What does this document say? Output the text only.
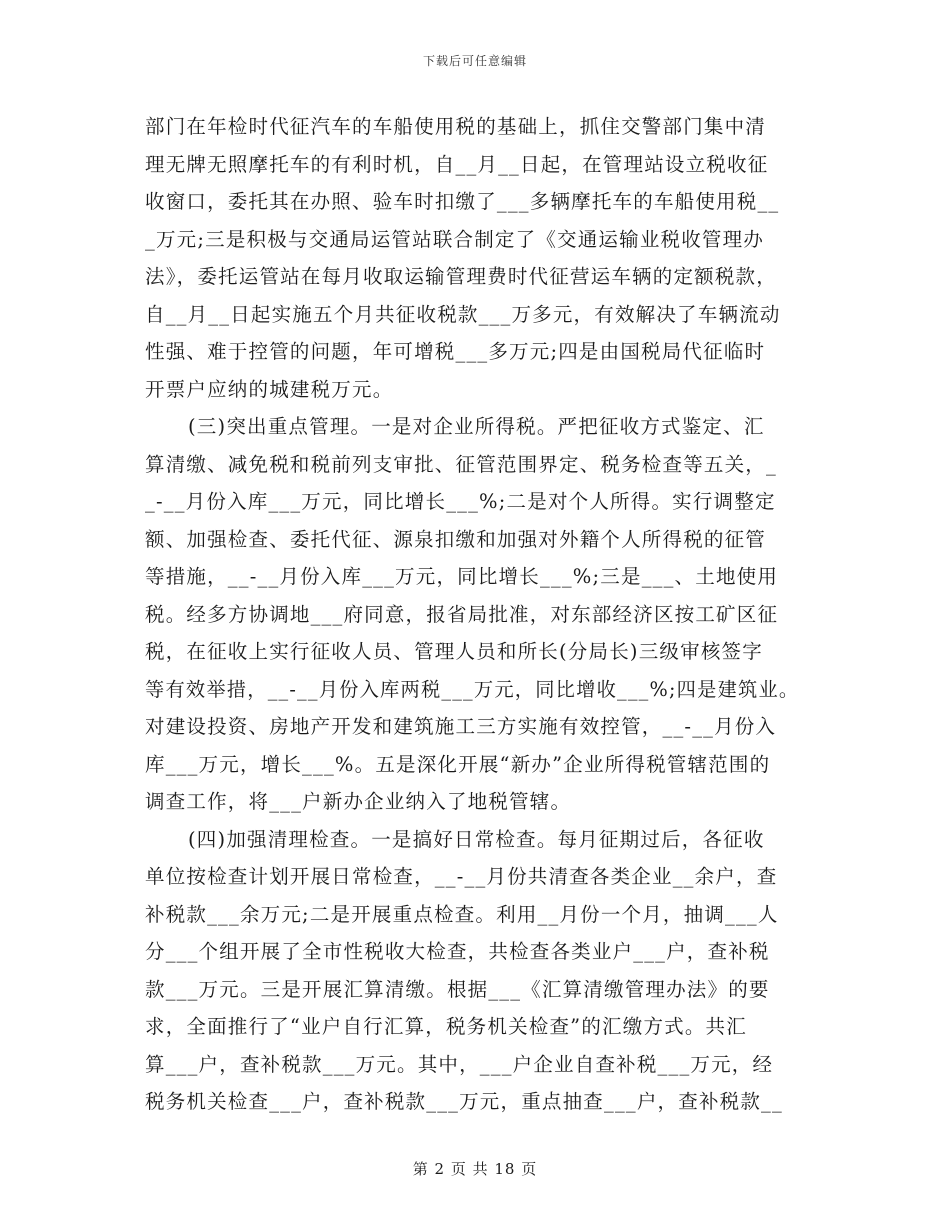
下载后可任意编辑
部门在年检时代征汽车的车船使用税的基础上，抓住交警部门集中清
理无牌无照摩托车的有利时机，自__月__日起，在管理站设立税收征
收窗口，委托其在办照、验车时扣缴了___多辆摩托车的车船使用税__
_万元;三是积极与交通局运管站联合制定了《交通运输业税收管理办
法》，委托运管站在每月收取运输管理费时代征营运车辆的定额税款，
自__月__日起实施五个月共征收税款___万多元，有效解决了车辆流动
性强、难于控管的问题，年可增税___多万元;四是由国税局代征临时
开票户应纳的城建税万元。
(三)突出重点管理。一是对企业所得税。严把征收方式鉴定、汇
算清缴、减免税和税前列支审批、征管范围界定、税务检查等五关，_
_-__月份入库___万元，同比增长___%;二是对个人所得。实行调整定
额、加强检查、委托代征、源泉扣缴和加强对外籍个人所得税的征管
等措施，__-__月份入库___万元，同比增长___%;三是___、土地使用
税。经多方协调地___府同意，报省局批准，对东部经济区按工矿区征
税，在征收上实行征收人员、管理人员和所长(分局长)三级审核签字
等有效举措，__-__月份入库两税___万元，同比增收___%;四是建筑业。
对建设投资、房地产开发和建筑施工三方实施有效控管，__-__月份入
库___万元，增长___%。五是深化开展“新办”企业所得税管辖范围的
调查工作，将___户新办企业纳入了地税管辖。
(四)加强清理检查。一是搞好日常检查。每月征期过后，各征收
单位按检查计划开展日常检查，__-__月份共清查各类企业__余户，查
补税款___余万元;二是开展重点检查。利用__月份一个月，抽调___人
分___个组开展了全市性税收大检查，共检查各类业户___户，查补税
款___万元。三是开展汇算清缴。根据___《汇算清缴管理办法》的要
求，全面推行了“业户自行汇算，税务机关检查”的汇缴方式。共汇
算___户，查补税款___万元。其中，___户企业自查补税___万元，经
税务机关检查___户，查补税款___万元，重点抽查___户，查补税款__
第 2 页 共 18 页
